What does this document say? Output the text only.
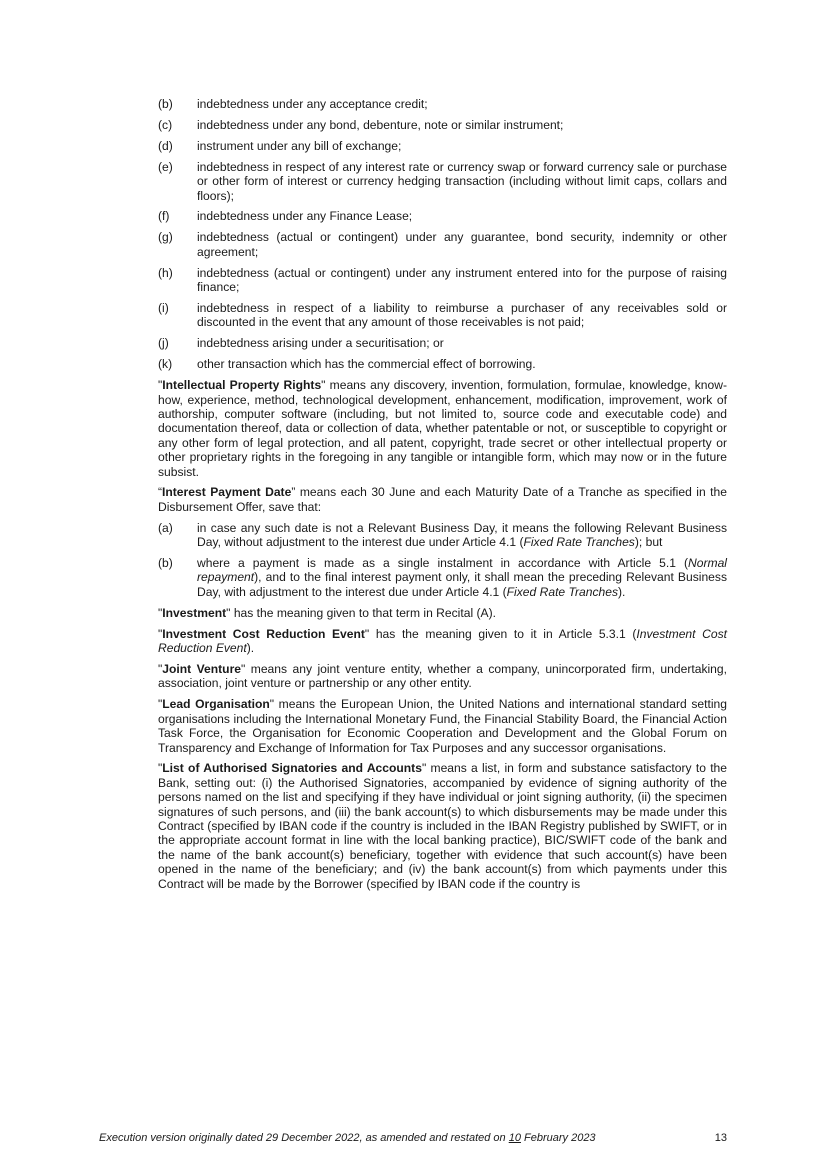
(b) indebtedness under any acceptance credit;
(c) indebtedness under any bond, debenture, note or similar instrument;
(d) instrument under any bill of exchange;
(e) indebtedness in respect of any interest rate or currency swap or forward currency sale or purchase or other form of interest or currency hedging transaction (including without limit caps, collars and floors);
(f) indebtedness under any Finance Lease;
(g) indebtedness (actual or contingent) under any guarantee, bond security, indemnity or other agreement;
(h) indebtedness (actual or contingent) under any instrument entered into for the purpose of raising finance;
(i) indebtedness in respect of a liability to reimburse a purchaser of any receivables sold or discounted in the event that any amount of those receivables is not paid;
(j) indebtedness arising under a securitisation; or
(k) other transaction which has the commercial effect of borrowing.

"Intellectual Property Rights" means any discovery, invention, formulation, formulae, knowledge, know-how, experience, method, technological development, enhancement, modification, improvement, work of authorship, computer software (including, but not limited to, source code and executable code) and documentation thereof, data or collection of data, whether patentable or not, or susceptible to copyright or any other form of legal protection, and all patent, copyright, trade secret or other intellectual property or other proprietary rights in the foregoing in any tangible or intangible form, which may now or in the future subsist.

“Interest Payment Date” means each 30 June and each Maturity Date of a Tranche as specified in the Disbursement Offer, save that:

(a) in case any such date is not a Relevant Business Day, it means the following Relevant Business Day, without adjustment to the interest due under Article 4.1 (Fixed Rate Tranches); but
(b) where a payment is made as a single instalment in accordance with Article 5.1 (Normal repayment), and to the final interest payment only, it shall mean the preceding Relevant Business Day, with adjustment to the interest due under Article 4.1 (Fixed Rate Tranches).

"Investment" has the meaning given to that term in Recital (A).

"Investment Cost Reduction Event" has the meaning given to it in Article 5.3.1 (Investment Cost Reduction Event).

"Joint Venture" means any joint venture entity, whether a company, unincorporated firm, undertaking, association, joint venture or partnership or any other entity.

"Lead Organisation" means the European Union, the United Nations and international standard setting organisations including the International Monetary Fund, the Financial Stability Board, the Financial Action Task Force, the Organisation for Economic Cooperation and Development and the Global Forum on Transparency and Exchange of Information for Tax Purposes and any successor organisations.

"List of Authorised Signatories and Accounts" means a list, in form and substance satisfactory to the Bank, setting out: (i) the Authorised Signatories, accompanied by evidence of signing authority of the persons named on the list and specifying if they have individual or joint signing authority, (ii) the specimen signatures of such persons, and (iii) the bank account(s) to which disbursements may be made under this Contract (specified by IBAN code if the country is included in the IBAN Registry published by SWIFT, or in the appropriate account format in line with the local banking practice), BIC/SWIFT code of the bank and the name of the bank account(s) beneficiary, together with evidence that such account(s) have been opened in the name of the beneficiary; and (iv) the bank account(s) from which payments under this Contract will be made by the Borrower (specified by IBAN code if the country is

Execution version originally dated 29 December 2022, as amended and restated on 10 February 2023	13
